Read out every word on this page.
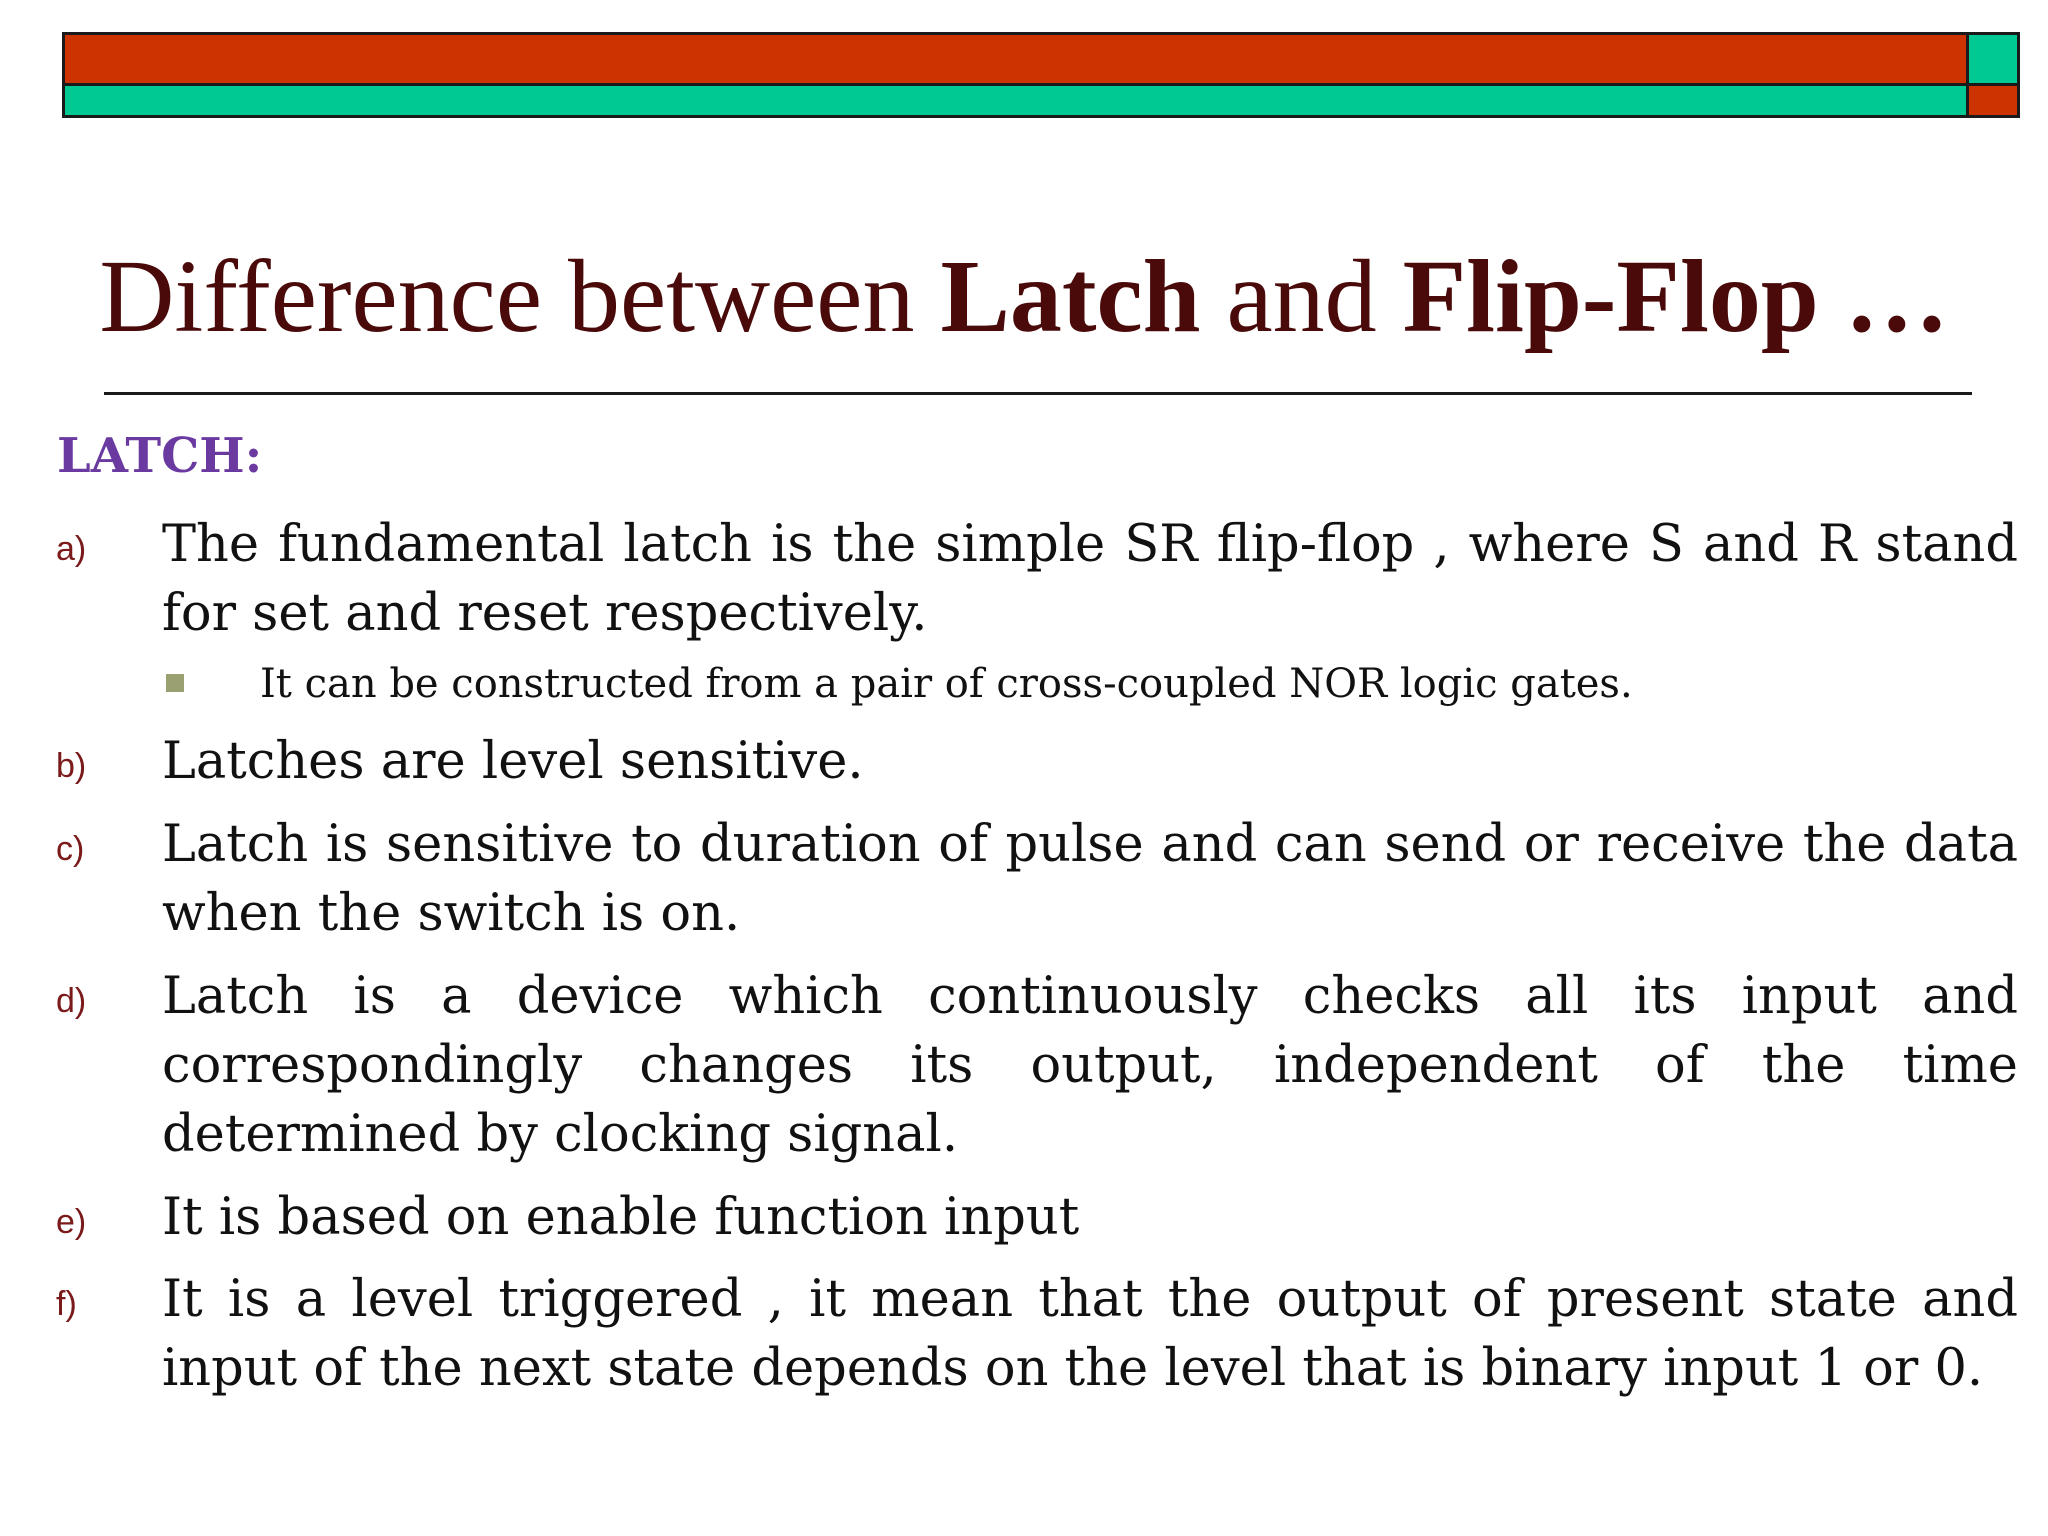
Difference between Latch and Flip-Flop …
LATCH:
a) The fundamental latch is the simple SR flip-flop , where S and R stand for set and reset respectively.
It can be constructed from a pair of cross-coupled NOR logic gates.
b) Latches are level sensitive.
c) Latch is sensitive to duration of pulse and can send or receive the data when the switch is on.
d) Latch is a device which continuously checks all its input and correspondingly changes its output, independent of the time determined by clocking signal.
e) It is based on enable function input
f) It is a level triggered , it mean that the output of present state and input of the next state depends on the level that is binary input 1 or 0.
